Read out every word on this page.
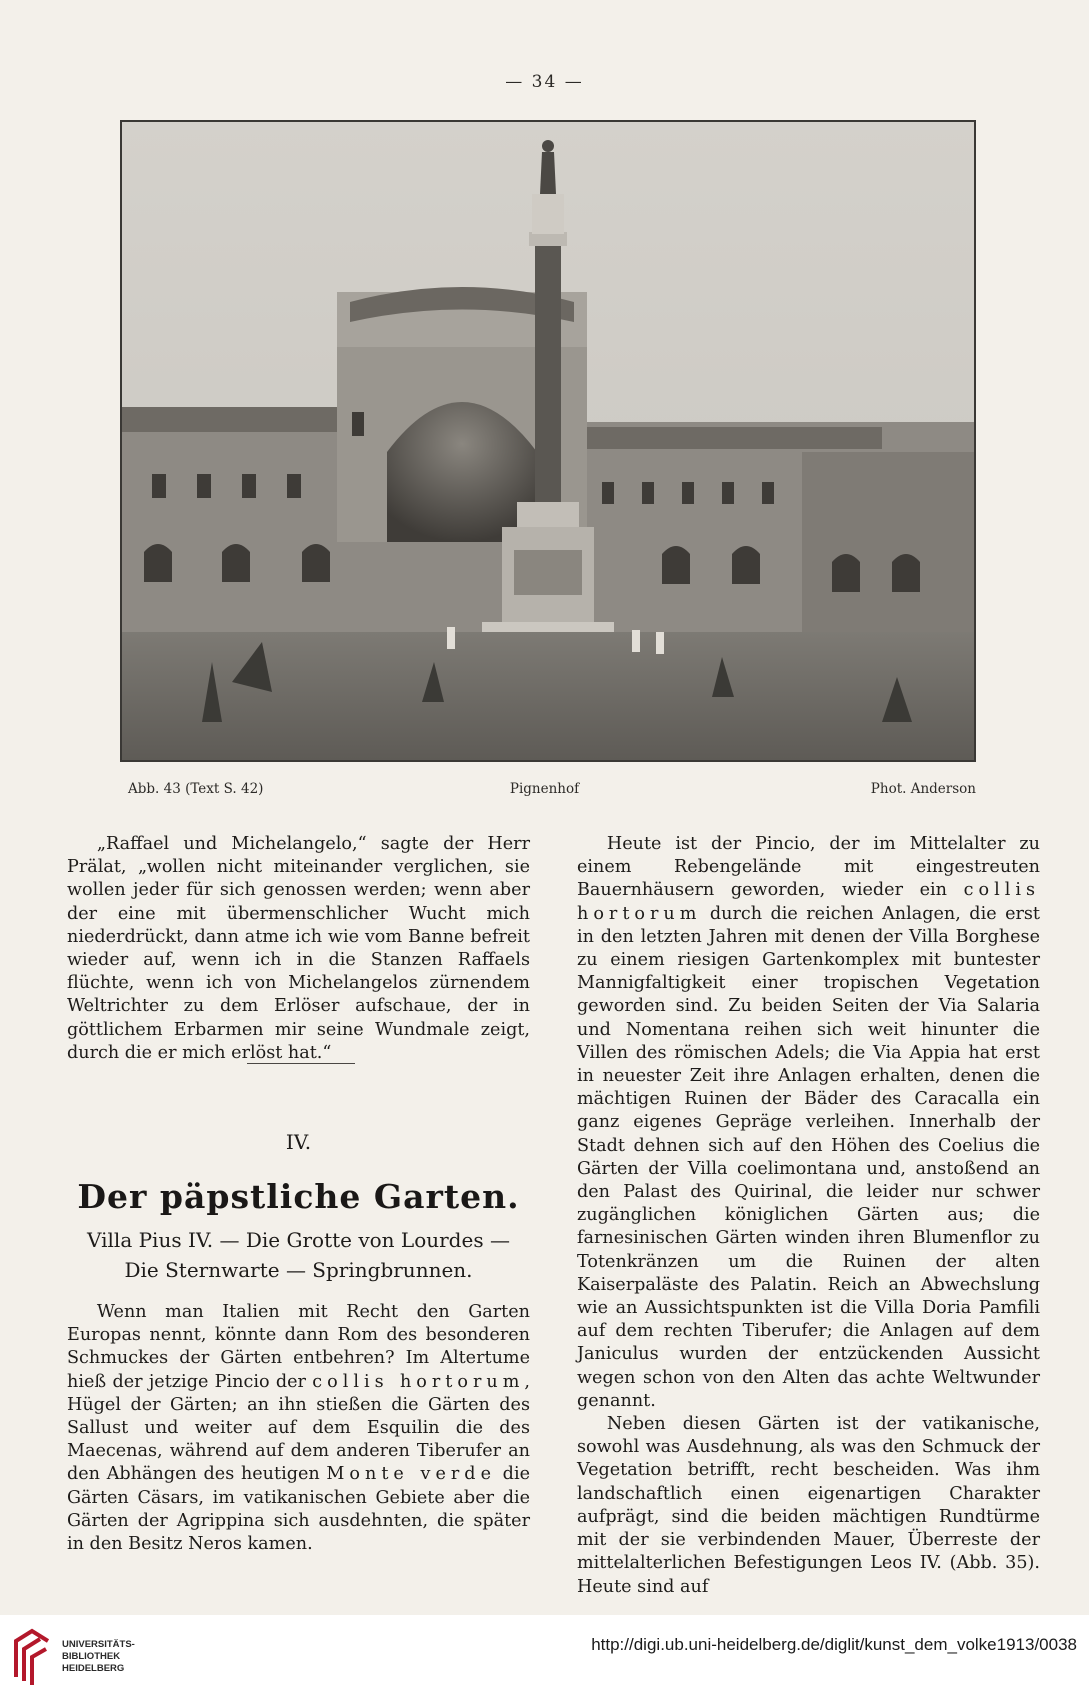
— 34 —
Abb. 43 (Text S. 42)	Pignenhof	Phot. Anderson

„Raffael und Michelangelo,“ sagte der Herr Prälat, „wollen nicht miteinander verglichen, sie wollen jeder für sich genossen werden; wenn aber der eine mit übermenschlicher Wucht mich niederdrückt, dann atme ich wie vom Banne befreit wieder auf, wenn ich in die Stanzen Raffaels flüchte, wenn ich von Michelangelos zürnendem Weltrichter zu dem Erlöser aufschaue, der in göttlichem Erbarmen mir seine Wundmale zeigt, durch die er mich erlöst hat.“

IV.
Der päpstliche Garten.
Villa Pius IV. — Die Grotte von Lourdes —
Die Sternwarte — Springbrunnen.

Wenn man Italien mit Recht den Garten Europas nennt, könnte dann Rom des besonderen Schmuckes der Gärten entbehren? Im Altertume hieß der jetzige Pincio der collis hortorum, Hügel der Gärten; an ihn stießen die Gärten des Sallust und weiter auf dem Esquilin die des Maecenas, während auf dem anderen Tiberufer an den Abhängen des heutigen Monte verde die Gärten Cäsars, im vatikanischen Gebiete aber die Gärten der Agrippina sich ausdehnten, die später in den Besitz Neros kamen.

Heute ist der Pincio, der im Mittelalter zu einem Rebengelände mit eingestreuten Bauernhäusern geworden, wieder ein collis hortorum durch die reichen Anlagen, die erst in den letzten Jahren mit denen der Villa Borghese zu einem riesigen Gartenkomplex mit buntester Mannigfaltigkeit einer tropischen Vegetation geworden sind. Zu beiden Seiten der Via Salaria und Nomentana reihen sich weit hinunter die Villen des römischen Adels; die Via Appia hat erst in neuester Zeit ihre Anlagen erhalten, denen die mächtigen Ruinen der Bäder des Caracalla ein ganz eigenes Gepräge verleihen. Innerhalb der Stadt dehnen sich auf den Höhen des Coelius die Gärten der Villa coelimontana und, anstoßend an den Palast des Quirinal, die leider nur schwer zugänglichen königlichen Gärten aus; die farnesinischen Gärten winden ihren Blumenflor zu Totenkränzen um die Ruinen der alten Kaiserpaläste des Palatin. Reich an Abwechslung wie an Aussichtspunkten ist die Villa Doria Pamfili auf dem rechten Tiberufer; die Anlagen auf dem Janiculus wurden der entzückenden Aussicht wegen schon von den Alten das achte Weltwunder genannt.

Neben diesen Gärten ist der vatikanische, sowohl was Ausdehnung, als was den Schmuck der Vegetation betrifft, recht bescheiden. Was ihm landschaftlich einen eigenartigen Charakter aufprägt, sind die beiden mächtigen Rundtürme mit der sie verbindenden Mauer, Überreste der mittelalterlichen Befestigungen Leos IV. (Abb. 35). Heute sind auf

UNIVERSITÄTS-
BIBLIOTHEK
HEIDELBERG
http://digi.ub.uni-heidelberg.de/diglit/kunst_dem_volke1913/0038
